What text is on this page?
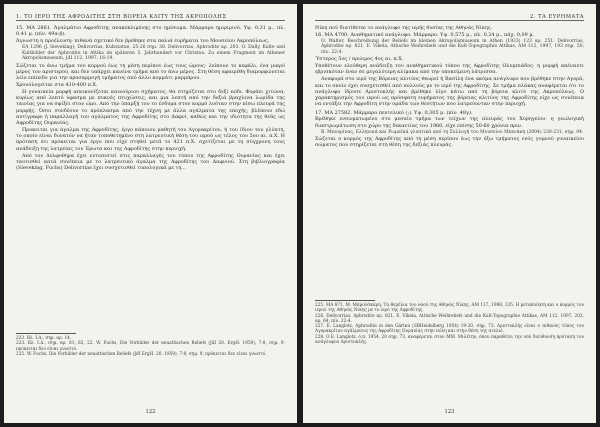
1. ΤΟ ΙΕΡΟ ΤΗΣ ΑΦΡΟΔΙΤΗΣ ΣΤΗ ΒΟΡΕΙΑ ΚΛΙΤΥ ΤΗΣ ΑΚΡΟΠΟΛΗΣ

15. ΜΑ 2861. Άγαλμάτιο Αφροδίτης ανακεκλιμένης στο ημίσωμα. Μάρμαρο ημιριρινό. Υψ. 0,31 μ., πλ. 0,41 μ. (πίν. 49α-β).

Άγνωστη η προέλευση· πιθανά σχετικό δεν βρέθηκε στα παλιά ευρήματα του Μουσείου Ακροπόλεως.

ΕΑ 1296 (J. Sieveking); Delivorrias, Kultstatue, 25-26 σημ. 38. Delivorrias, Aphrodite αρ. 203. O. Dally, Kulte und Kultbilder der Aphrodite in Attika im späteren 5. Jahrhundert vor Christus. Zu einem Fragment im Athener Akropolismuseum, JdI 112, 1997, 16-19.

Σώζεται το άνω τμήμα του κορμού έως τη μέση περίπου έως τους ώμους· λείπουν το κεφάλι, ένα μικρό μέρος του αριστερού, και δεν υπάρχει κανένα τμήμα από το άνω μέρος. Στη θέση αφαιρέθη διαμορφώνεται λείο επίπεδο για την προσαρμογή τμήματος από άλλο κομμάτι μαρμάρου.

Χρονολογείται στα 410-400 π.Χ.

Η γυναικεία μορφή απεικονίζεται καινούριου σχήματος, θα στηρίζεται στο δεξί πόδι. Φοράει χιτώνα, κυρίως από λεπτό ύφασμα με πυκνές πτυχώσεις, και μια λεπτή από την δεξιά βραχίονα λωρίδα της ταινίας για να σφίξει στον ώμο. Από την ύπαρξή του το ένδυμα στον κορμό λυόταν στην πίσω πλευρά της μορφής. Όσοι συνδέουν το πρόπλασμα από την τέχνη με άλλα αγάλματα της εποχής, βλέπουν εδώ αντίγραφο ή παραλλαγή του αγάλματος της Αφροδίτης στο Δαφνί, καθώς και την ιδιότητα της θεάς ως Αφροδίτης Ουρανίας.

Προκειται για άγαλμα της Αφροδίτης, έργο κάποιου μαθητή του Αγορακρίτου, ή του ίδιου του γλύπτη, το οποίο είναι δυνατόν να ήταν τοποθετημένο στη λατρευτική θέση του ιερού ως τέλος του 5ου αι. π.Χ. Η πρόταση ότι πρόκειται για έργο που είχε στηθεί μετά το 421 π.Χ. σχετίζεται με τη σύγχρονη τους ανάδειξη της λατρείας του Έρωτα και της Αφροδίτης στην περιοχή.

Από τον Δελφοθηρα έχει εντοπιστεί στις παραλλαγές του τύπου της Αφροδίτης Ουρανίας και έχει ταυτισθεί κατά συνέπεια με το λατρευτικό άγαλμα της Αφροδίτης του Δαφνιού. Στη βιβλιογραφία (Sieveking, Fuchs) Delivorrias έχει συσχετισθεί τυπολογικά με τη...

223. Βλ. Ι.Δ., σημ. αρ. 14.

223. Βλ. Ι.Δ., σημ. αρ. 81, 82, 22. W. Fuchs, Die Vorbilder der neuattischen Reliefs (JdI 20. ErgH. 1959), 7-8, σημ. 9· πρόκειται δεν είναι γνωστό.

225. W. Fuchs, Die Vorbilder der neuattischen Reliefs (JdI ErgH. 20. 1959), 7-8, σημ. 9, πρόκειται δεν είναι γνωστό.

122
2. ΤΑ ΕΥΡΗΜΑΤΑ

Νίκη ποῦ διατίθεται το ανάγλυφο της ιερής θυσίας της Αθηνάς Νίκης.

16. ΜΑ 4700. Αναθηματικό ανάγλυφο. Μάρμαρο. Υψ. 0,575 μ., πλ. 0,24 μ., πάχ. 0,09 μ.

O. Walter, Beschreibung der Reliefs im kleinen Akropolismuseum in Athen (1923) 123 αρ. 251. Delivorrias, Aphrodite αρ. 821. E. Vikela, Attische Weihreliefs und die Kult-Topographie Attikas, AM 112, 1997, 193 σημ. 50, πίν. 22:4.

Ύστερος 5ος / πρώιμος 4ος αι. π.Χ.

Υποθέτουν ελεύθερη ανάδειξη του αναθηματικού τόπου της Αφροδίτης Ολυμπιάδος· η μορφή απέναντι εβρισκόταν έναν σε μεγαλύτερη κλίμακα από την υποκείμενη λάτρισσα.

Αναφορά στο ιερό της Βόρειας κλιτύος θεωρεί ή Βασίλη ένα ακόμα ανάγλυφο που βρέθηκε στην Αγορά, και το οποίο έχει συσχετισθεί από πολλούς με το ιερό της Αφροδίτης. Σε τμήμα πλάκας αναφέρεται ότι το ανάγλυφο ίδρυσε Αριστοκλής και βρέθηκε λίγο κάτω από τη βόρεια κλιτύ της Ακροπόλεως. Ο χαρακτηρισμός του ιερού ως πρόσφατη ευρήματος της βόρειας κλιτύος της Αφροδίτης είχε ως συνέπεια να εντάξει την Αφροδίτη στην ομάδα των θεοτήτων που λατρεύονταν στην περιοχή.

17. ΜΑ 27582. Μάρμαρο πεντελικό (;). Υψ. 0,305 μ. (πίν. 48γ).

Βρέθηκε ενσωματωμένο στο μεσαίο τμήμα των τείχων της πλευράς του Χορηγείου· η γεωλογική διαστρωμάτωση στο χώρο της δεκαετίας του 1960, είχε επίσης 50-60 χρόνια πριν.

B. Μπουρίνας, Ελληνικά και Ρωμαϊκά γλυπτικά από τη Συλλογή του Μουσείου Μπενάκη (2004) 230-231, σημ. 94.

Σώζεται ο κορμός της Αφροδίτης από τη μέση περίπου έως την έξω τμήματος ενός γυμνού γυναικείου σώματος που στηρίζεται στη θέση της δεξιάς πλευράς.

225. ΜΑ 871, Μ. Μπρούσκαρη, Τα θεμέλια του ναού της Αθηνάς Νίκης, AM 117, 1988, 135. Η μεταποίηση και ο κορμός του ιερού της Αθηνάς Νίκης με το ιερό της Αφροδίτης.

226. Delivorrias, Aphrodite αρ. 821, E. Vikela, Attische Weihreliefs und die Kult-Topographie Attikas, AM 112, 1997, 202, αρ. 64, πίν. 22:4.

227. E. Langlotz, Aphrodite in den Gärten (SBHeidelberg 1954) 19-20, σημ. 73. Αριστοκλής είναι ο πιθανός τόπος του Αγορακρίτου αγάλματος της Αφροδίτης Ουρανίας στην πόλη και στην θέση της ατελιέ.

228. Ο E. Langlotz, ό.π. 1954, 20 σημ. 73, αναφέρεται στον ΜΜ. Μιλέτην, όπου παραθέτει την υπό διεύθυνση πρόταση του ανάγλυφου Αριστοκλής.

123
